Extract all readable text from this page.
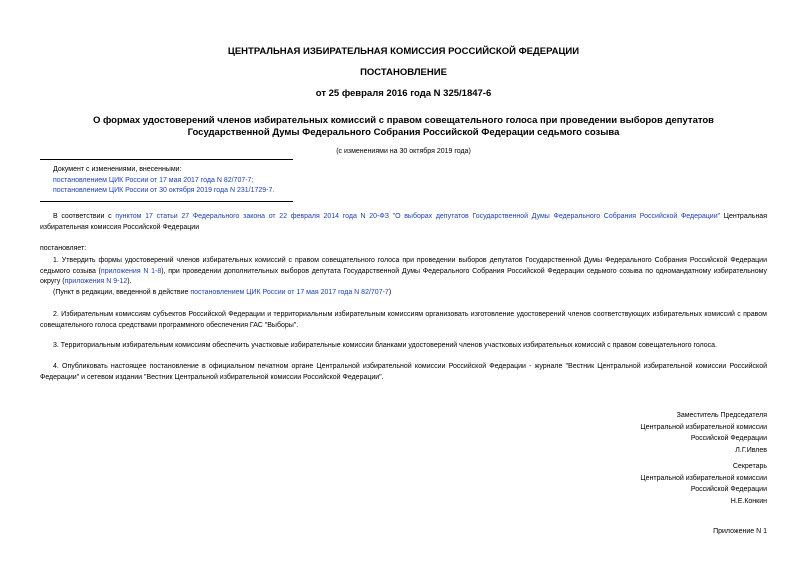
ЦЕНТРАЛЬНАЯ ИЗБИРАТЕЛЬНАЯ КОМИССИЯ РОССИЙСКОЙ ФЕДЕРАЦИИ
ПОСТАНОВЛЕНИЕ
от 25 февраля 2016 года N 325/1847-6
О формах удостоверений членов избирательных комиссий с правом совещательного голоса при проведении выборов депутатов Государственной Думы Федерального Собрания Российской Федерации седьмого созыва
(с изменениями на 30 октября 2019 года)
Документ с изменениями, внесенными:
постановлением ЦИК России от 17 мая 2017 года N 82/707-7;
постановлением ЦИК России от 30 октября 2019 года N 231/1729-7.
В соответствии с пунктом 17 статьи 27 Федерального закона от 22 февраля 2014 года N 20-ФЗ "О выборах депутатов Государственной Думы Федерального Собрания Российской Федерации" Центральная избирательная комиссия Российской Федерации
постановляет:
1. Утвердить формы удостоверений членов избирательных комиссий с правом совещательного голоса при проведении выборов депутатов Государственной Думы Федерального Собрания Российской Федерации седьмого созыва (приложения N 1-8), при проведении дополнительных выборов депутата Государственной Думы Федерального Собрания Российской Федерации седьмого созыва по одномандатному избирательному округу (приложения N 9-12).
(Пункт в редакции, введенной в действие постановлением ЦИК России от 17 мая 2017 года N 82/707-7)
2. Избирательным комиссиям субъектов Российской Федерации и территориальным избирательным комиссиям организовать изготовление удостоверений членов соответствующих избирательных комиссий с правом совещательного голоса средствами программного обеспечения ГАС "Выборы".
3. Территориальным избирательным комиссиям обеспечить участковые избирательные комиссии бланками удостоверений членов участковых избирательных комиссий с правом совещательного голоса.
4. Опубликовать настоящее постановление в официальном печатном органе Центральной избирательной комиссии Российской Федерации - журнале "Вестник Центральной избирательной комиссии Российской Федерации" и сетевом издании "Вестник Центральной избирательной комиссии Российской Федерации".
Заместитель Председателя
Центральной избирательной комиссии
Российской Федерации
Л.Г.Ивлев
Секретарь
Центральной избирательной комиссии
Российской Федерации
Н.Е.Конкин
Приложение N 1
